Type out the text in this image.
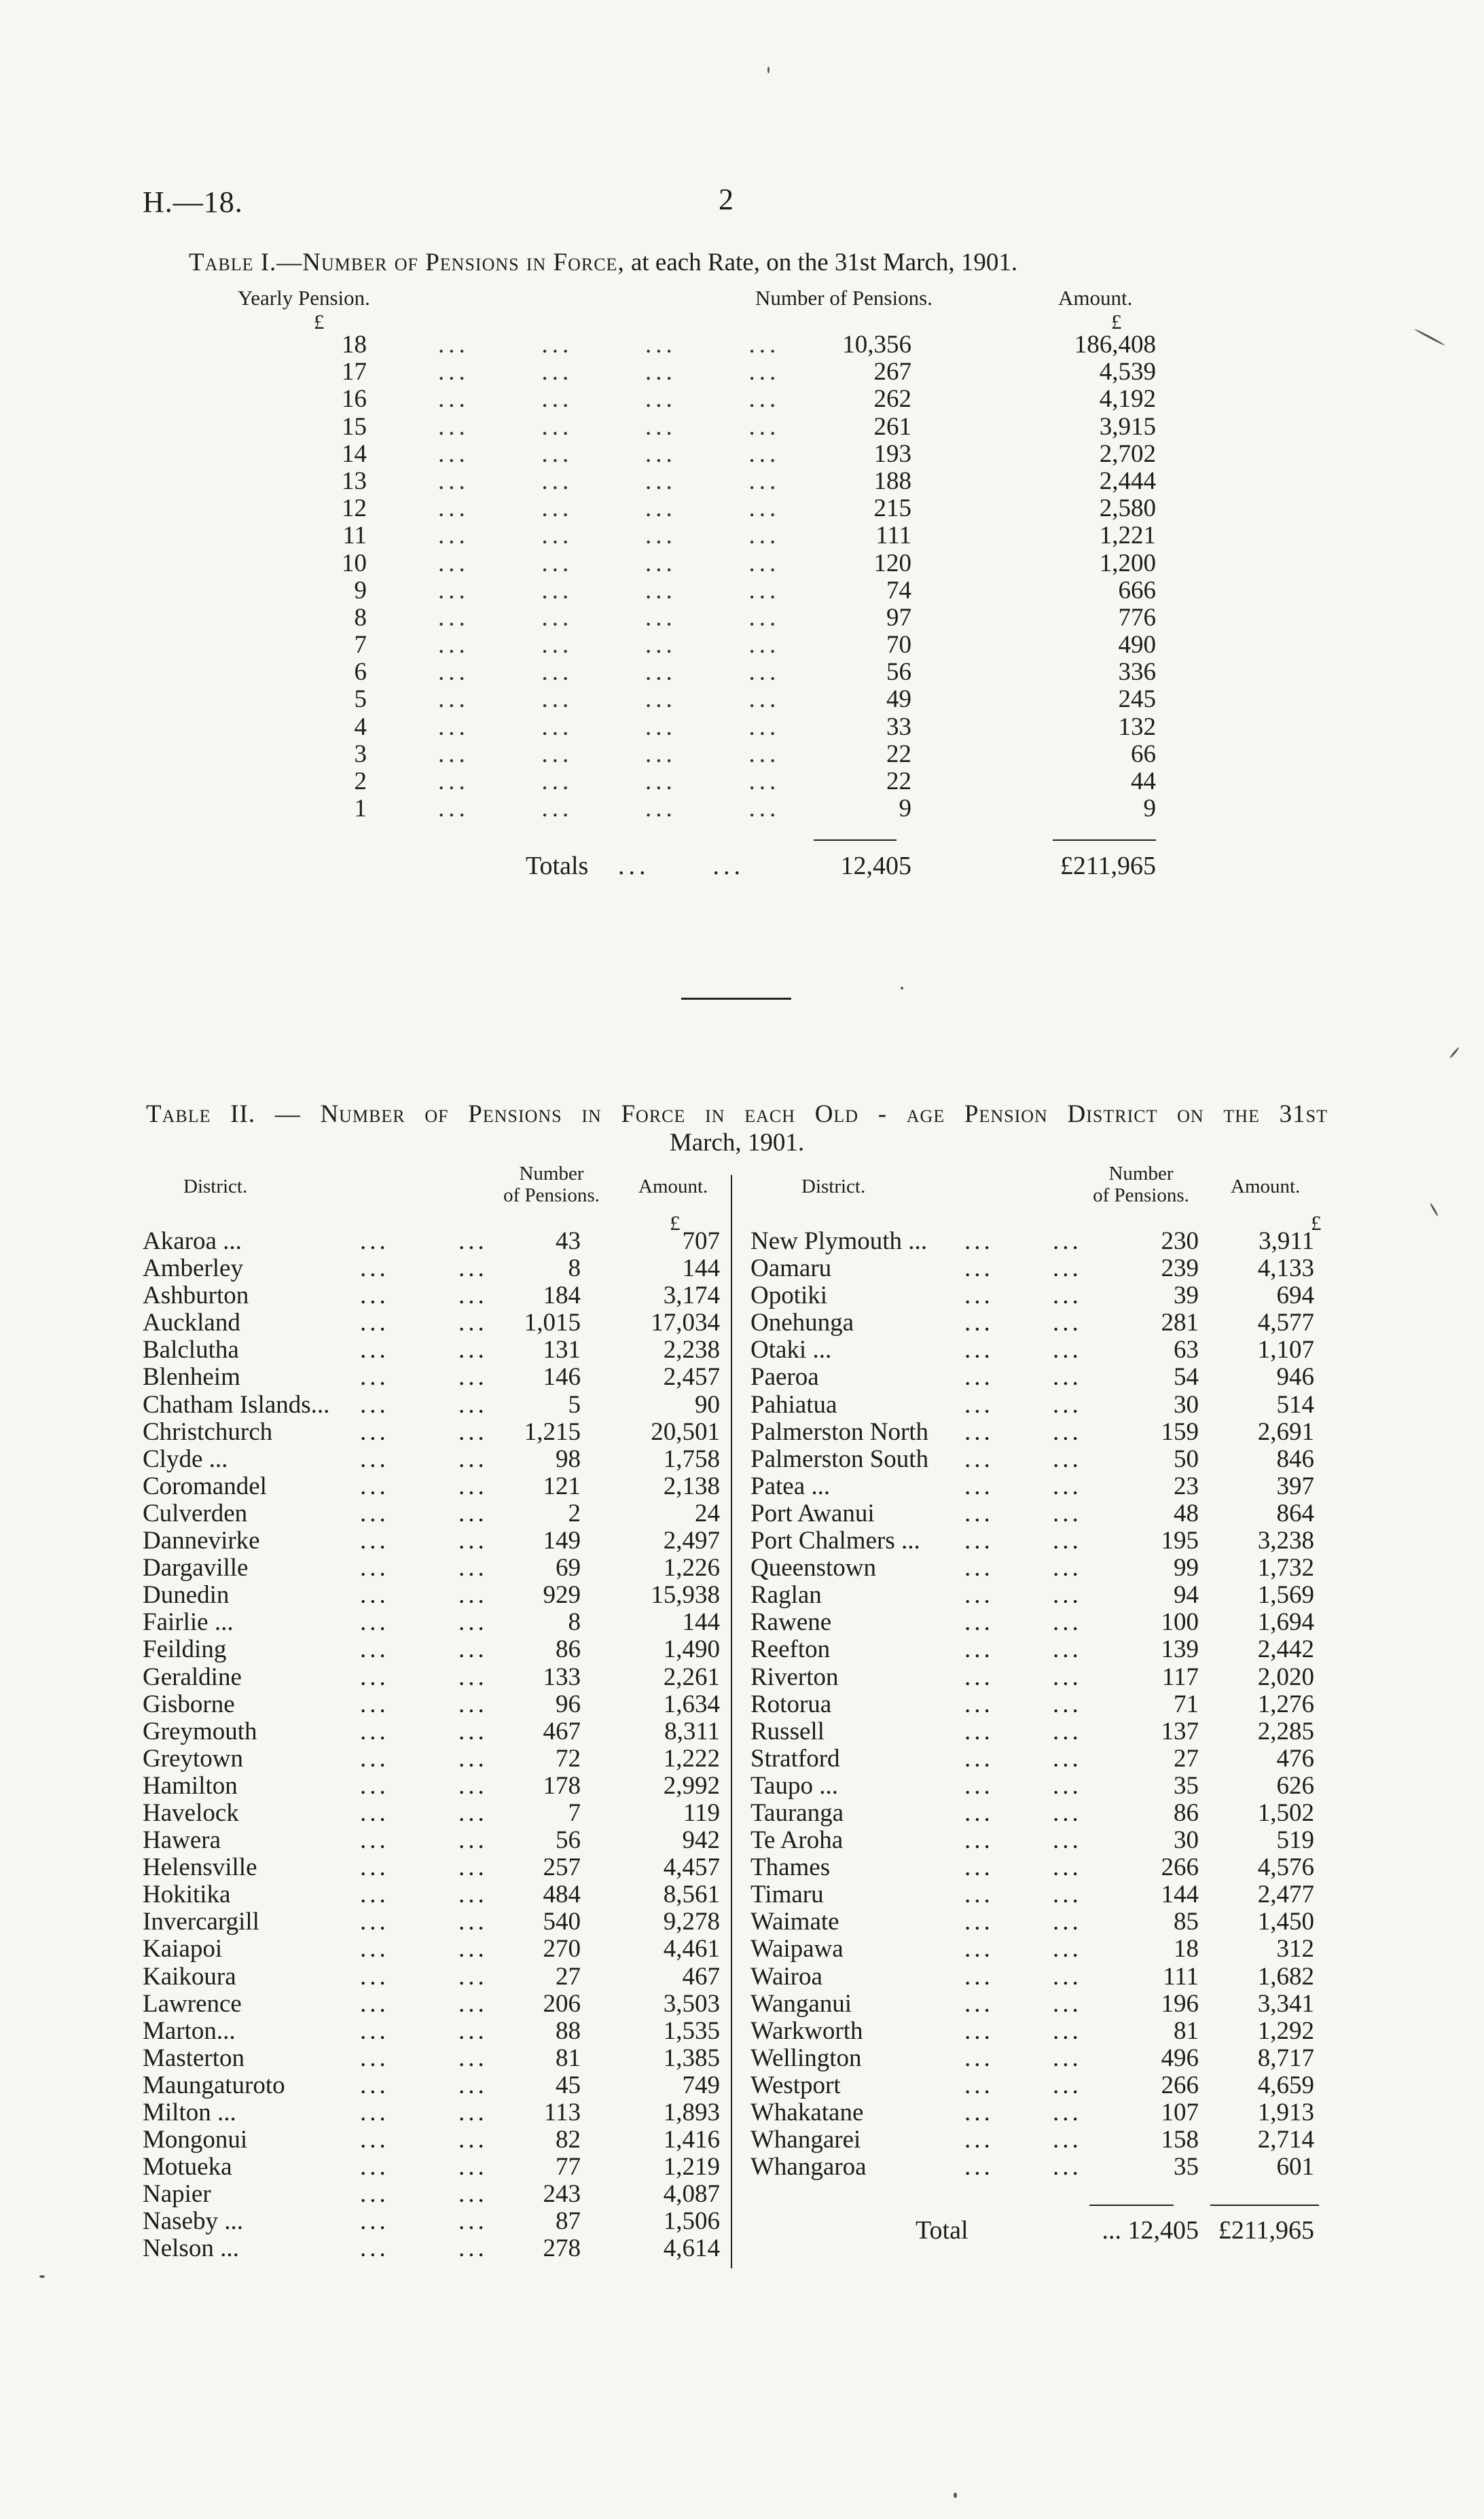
H.—18.	2
Table I.—Number of Pensions in Force, at each Rate, on the 31st March, 1901.
Yearly Pension.	Number of Pensions.	Amount.
£	£
18	...       ...       ...       ...	10,356	186,408
17	...       ...       ...       ...	267	4,539
16	...       ...       ...       ...	262	4,192
15	...       ...       ...       ...	261	3,915
14	...       ...       ...       ...	193	2,702
13	...       ...       ...       ...	188	2,444
12	...       ...       ...       ...	215	2,580
11	...       ...       ...       ...	111	1,221
10	...       ...       ...       ...	120	1,200
9	...       ...       ...       ...	74	666
8	...       ...       ...       ...	97	776
7	...       ...       ...       ...	70	490
6	...       ...       ...       ...	56	336
5	...       ...       ...       ...	49	245
4	...       ...       ...       ...	33	132
3	...       ...       ...       ...	22	66
2	...       ...       ...       ...	22	44
1	...       ...       ...       ...	9	9
Totals ...      ...	12,405	£211,965
Table II. — Number of Pensions in Force in each Old - age Pension District on the 31st
March, 1901.
District.
Number
of Pensions.	Amount.	District.
Number
of Pensions.	Amount.
£	£
Akaroa ...	...	...	43	707
Amberley	...	...	8	144
Ashburton	...	...	184	3,174
Auckland	...	...	1,015	17,034
Balclutha	...	...	131	2,238
Blenheim	...	...	146	2,457
Chatham Islands... ...	...	5	90
Christchurch	...	...	1,215	20,501
Clyde ...	...	...	98	1,758
Coromandel	...	...	121	2,138
Culverden	...	...	2	24
Dannevirke	...	...	149	2,497
Dargaville	...	...	69	1,226
Dunedin	...	...	929	15,938
Fairlie ...	...	...	8	144
Feilding	...	...	86	1,490
Geraldine	...	...	133	2,261
Gisborne	...	...	96	1,634
Greymouth	...	...	467	8,311
Greytown	...	...	72	1,222
Hamilton	...	...	178	2,992
Havelock	...	...	7	119
Hawera	...	...	56	942
Helensville	...	...	257	4,457
Hokitika	...	...	484	8,561
Invercargill	...	...	540	9,278
Kaiapoi	...	...	270	4,461
Kaikoura	...	...	27	467
Lawrence	...	...	206	3,503
Marton...	...	...	88	1,535
Masterton	...	...	81	1,385
Maungaturoto	...	...	45	749
Milton ...	...	...	113	1,893
Mongonui	...	...	82	1,416
Motueka	...	...	77	1,219
Napier	...	...	243	4,087
Naseby ...	...	...	87	1,506
Nelson ...	...	...	278	4,614
New Plymouth ... ... ...	230	3,911
Oamaru	... ...	239	4,133
Opotiki	... ...	39	694
Onehunga	... ...	281	4,577
Otaki ...	... ...	63	1,107
Paeroa	... ...	54	946
Pahiatua	... ...	30	514
Palmerston North ... ...	159	2,691
Palmerston South ... ...	50	846
Patea ...	... ...	23	397
Port Awanui	... ...	48	864
Port Chalmers ... ... ...	195	3,238
Queenstown	... ...	99	1,732
Raglan	... ...	94	1,569
Rawene	... ...	100	1,694
Reefton	... ...	139	2,442
Riverton	... ...	117	2,020
Rotorua	... ...	71	1,276
Russell	... ...	137	2,285
Stratford	... ...	27	476
Taupo ...	... ...	35	626
Tauranga	... ...	86	1,502
Te Aroha	... ...	30	519
Thames	... ...	266	4,576
Timaru	... ...	144	2,477
Waimate	... ...	85	1,450
Waipawa	... ...	18	312
Wairoa	... ...	111	1,682
Wanganui	... ...	196	3,341
Warkworth	... ...	81	1,292
Wellington	... ...	496	8,717
Westport	... ...	266	4,659
Whakatane	... ...	107	1,913
Whangarei	... ...	158	2,714
Whangaroa	... ...	35	601
Total	... 12,405 £211,965
